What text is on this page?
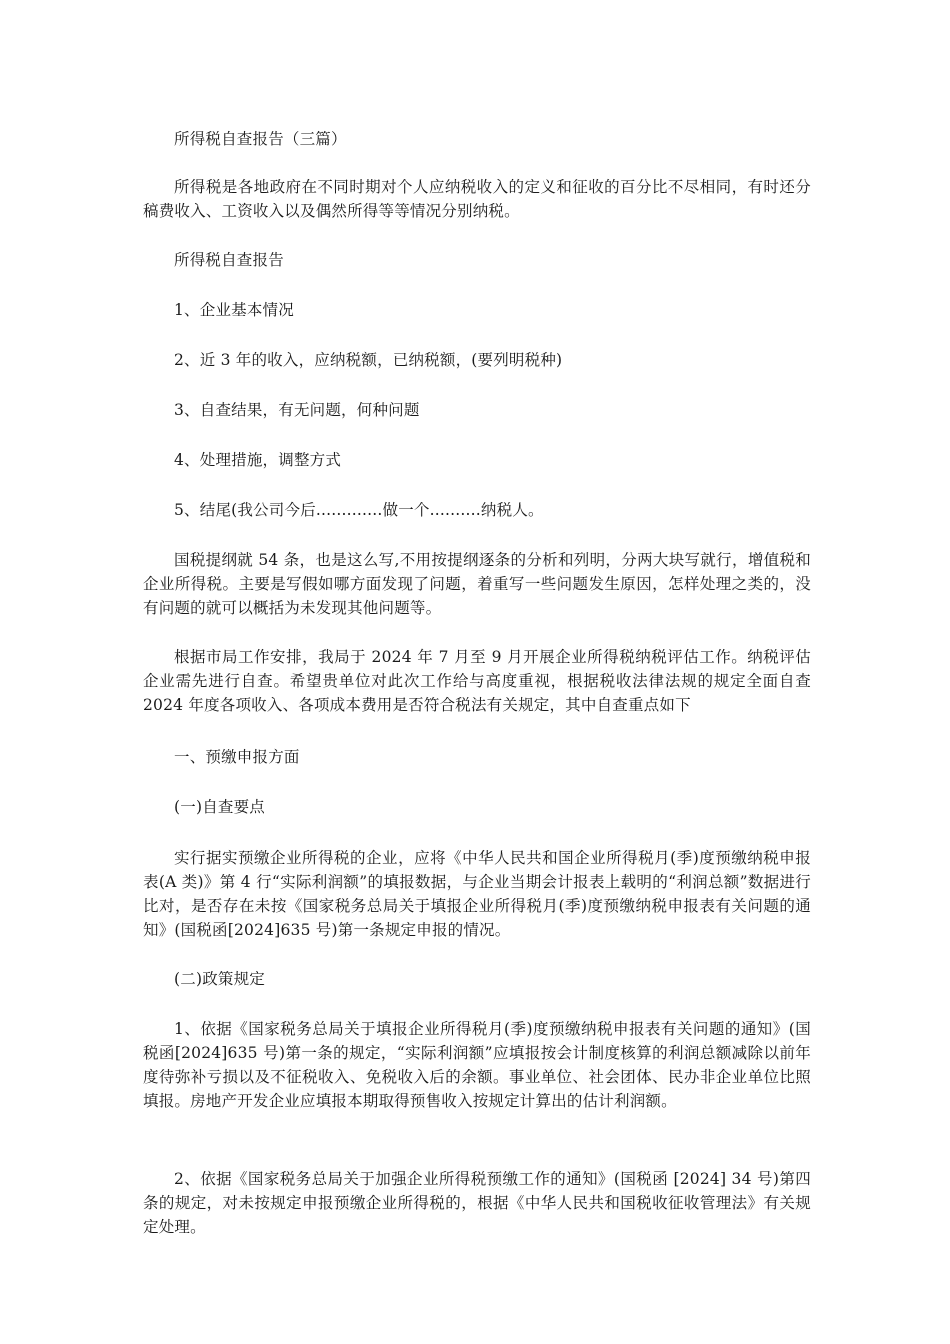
所得税自查报告（三篇）

所得税是各地政府在不同时期对个人应纳税收入的定义和征收的百分比不尽相同，有时还分稿费收入、工资收入以及偶然所得等等情况分别纳税。

所得税自查报告

1、企业基本情况

2、近 3 年的收入，应纳税额，已纳税额，(要列明税种)

3、自查结果，有无问题，何种问题

4、处理措施，调整方式

5、结尾(我公司今后.............做一个..........纳税人。

国税提纲就 54 条，也是这么写,不用按提纲逐条的分析和列明，分两大块写就行，增值税和企业所得税。主要是写假如哪方面发现了问题，着重写一些问题发生原因，怎样处理之类的，没有问题的就可以概括为未发现其他问题等。

根据市局工作安排，我局于 2024 年 7 月至 9 月开展企业所得税纳税评估工作。纳税评估企业需先进行自查。希望贵单位对此次工作给与高度重视，根据税收法律法规的规定全面自查 2024 年度各项收入、各项成本费用是否符合税法有关规定，其中自查重点如下

一、预缴申报方面

(一)自查要点

实行据实预缴企业所得税的企业，应将《中华人民共和国企业所得税月(季)度预缴纳税申报表(A 类)》第 4 行“实际利润额”的填报数据，与企业当期会计报表上载明的“利润总额”数据进行比对，是否存在未按《国家税务总局关于填报企业所得税月(季)度预缴纳税申报表有关问题的通知》(国税函[2024]635 号)第一条规定申报的情况。

(二)政策规定

1、依据《国家税务总局关于填报企业所得税月(季)度预缴纳税申报表有关问题的通知》(国税函[2024]635 号)第一条的规定，“实际利润额”应填报按会计制度核算的利润总额减除以前年度待弥补亏损以及不征税收入、免税收入后的余额。事业单位、社会团体、民办非企业单位比照填报。房地产开发企业应填报本期取得预售收入按规定计算出的估计利润额。

2、依据《国家税务总局关于加强企业所得税预缴工作的通知》(国税函 [2024] 34 号)第四条的规定，对未按规定申报预缴企业所得税的，根据《中华人民共和国税收征收管理法》有关规定处理。
